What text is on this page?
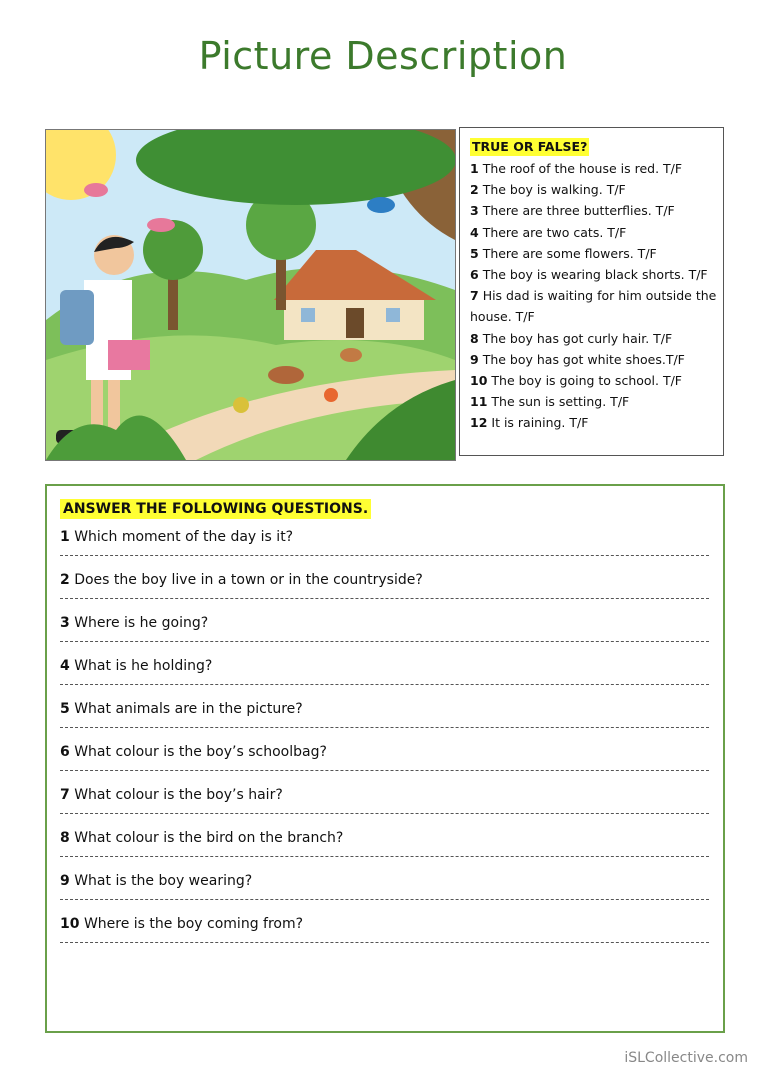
Picture Description
TRUE OR FALSE?
1 The roof of the house is red. T/F
2 The boy is walking. T/F
3 There are three butterflies. T/F
4 There are two cats. T/F
5 There are some flowers. T/F
6 The boy is wearing black shorts. T/F
7 His dad is waiting for him outside the house. T/F
8 The boy has got curly hair. T/F
9 The boy has got white shoes.T/F
10 The boy is going to school. T/F
11 The sun is setting. T/F
12 It is raining. T/F
ANSWER THE FOLLOWING QUESTIONS.
1 Which moment of the day is it?
2 Does the boy live in a town or in the countryside?
3 Where is he going?
4 What is he holding?
5 What animals are in the picture?
6 What colour is the boy’s schoolbag?
7 What colour is the boy’s hair?
8 What colour is the bird on the branch?
9 What is the boy wearing?
10 Where is the boy coming from?
iSLCollective.com
